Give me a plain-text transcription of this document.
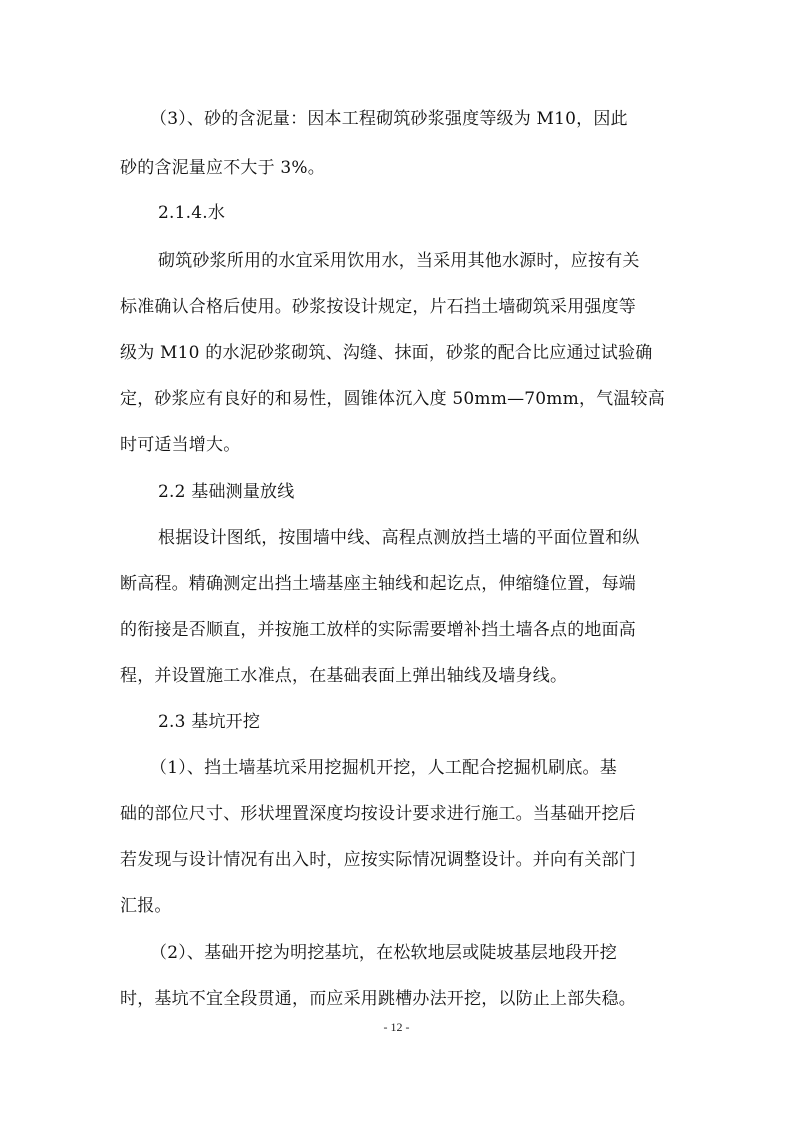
（3）、砂的含泥量：因本工程砌筑砂浆强度等级为 M10，因此
砂的含泥量应不大于 3%。
2.1.4.水
砌筑砂浆所用的水宜采用饮用水，当采用其他水源时，应按有关
标准确认合格后使用。砂浆按设计规定，片石挡土墙砌筑采用强度等
级为 M10 的水泥砂浆砌筑、沟缝、抹面，砂浆的配合比应通过试验确
定，砂浆应有良好的和易性，圆锥体沉入度 50mm—70mm，气温较高
时可适当增大。
2.2 基础测量放线
根据设计图纸，按围墙中线、高程点测放挡土墙的平面位置和纵
断高程。精确测定出挡土墙基座主轴线和起讫点，伸缩缝位置，每端
的衔接是否顺直，并按施工放样的实际需要增补挡土墙各点的地面高
程，并设置施工水准点，在基础表面上弹出轴线及墙身线。
2.3 基坑开挖
（1）、挡土墙基坑采用挖掘机开挖，人工配合挖掘机刷底。基
础的部位尺寸、形状埋置深度均按设计要求进行施工。当基础开挖后
若发现与设计情况有出入时，应按实际情况调整设计。并向有关部门
汇报。
（2）、基础开挖为明挖基坑，在松软地层或陡坡基层地段开挖
时，基坑不宜全段贯通，而应采用跳槽办法开挖，以防止上部失稳。
- 12 -
